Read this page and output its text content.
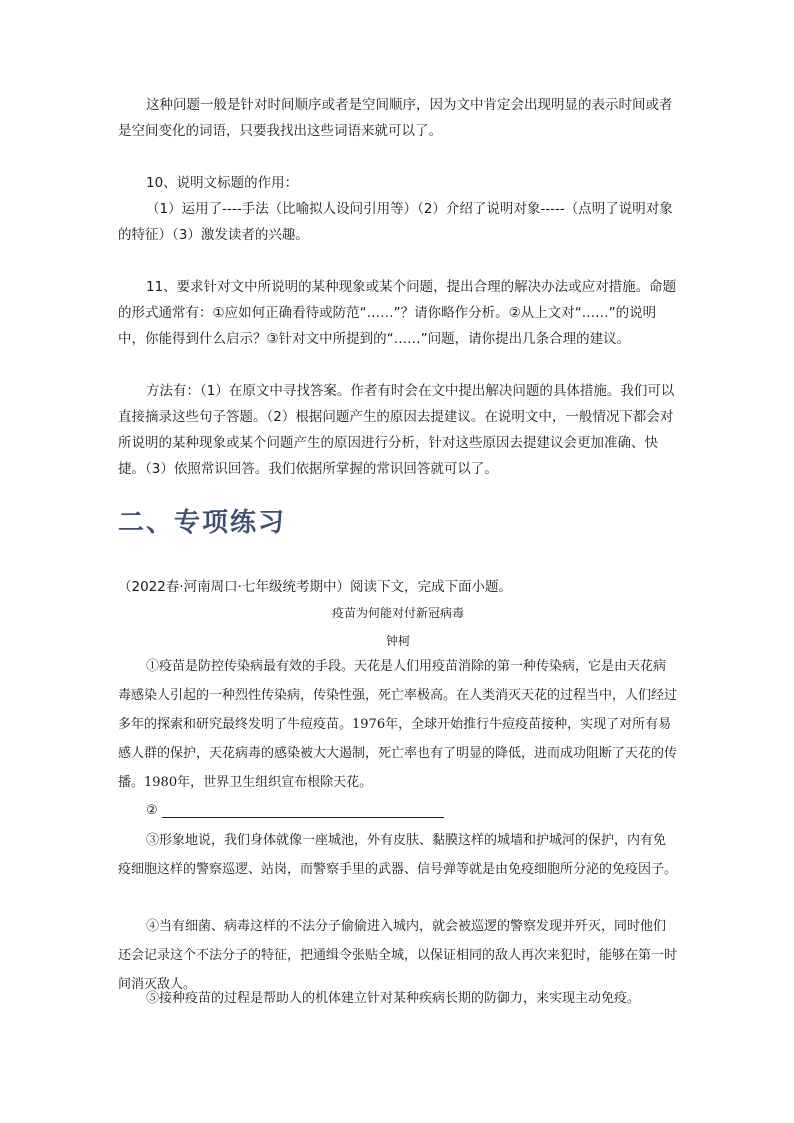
这种问题一般是针对时间顺序或者是空间顺序，因为文中肯定会出现明显的表示时间或者是空间变化的词语，只要我找出这些词语来就可以了。

10、说明文标题的作用：

（1）运用了----手法（比喻拟人设问引用等）（2）介绍了说明对象-----（点明了说明对象的特征）（3）激发读者的兴趣。

11、要求针对文中所说明的某种现象或某个问题，提出合理的解决办法或应对措施。命题的形式通常有：①应如何正确看待或防范“……”？请你略作分析。②从上文对“……”的说明中，你能得到什么启示？③针对文中所提到的“……”问题，请你提出几条合理的建议。

方法有：（1）在原文中寻找答案。作者有时会在文中提出解决问题的具体措施。我们可以直接摘录这些句子答题。（2）根据问题产生的原因去提建议。在说明文中，一般情况下都会对所说明的某种现象或某个问题产生的原因进行分析，针对这些原因去提建议会更加准确、快捷。（3）依照常识回答。我们依据所掌握的常识回答就可以了。

二、专项练习

（2022春·河南周口·七年级统考期中）阅读下文，完成下面小题。

疫苗为何能对付新冠病毒

钟柯

①疫苗是防控传染病最有效的手段。天花是人们用疫苗消除的第一种传染病，它是由天花病毒感染人引起的一种烈性传染病，传染性强，死亡率极高。在人类消灭天花的过程当中，人们经过多年的探索和研究最终发明了牛痘疫苗。1976年，全球开始推行牛痘疫苗接种，实现了对所有易感人群的保护，天花病毒的感染被大大遏制，死亡率也有了明显的降低，进而成功阻断了天花的传播。1980年，世界卫生组织宣布根除天花。

②

③形象地说，我们身体就像一座城池，外有皮肤、黏膜这样的城墙和护城河的保护，内有免疫细胞这样的警察巡逻、站岗，而警察手里的武器、信号弹等就是由免疫细胞所分泌的免疫因子。

④当有细菌、病毒这样的不法分子偷偷进入城内，就会被巡逻的警察发现并歼灭，同时他们还会记录这个不法分子的特征，把通缉令张贴全城，以保证相同的敌人再次来犯时，能够在第一时间消灭敌人。

⑤接种疫苗的过程是帮助人的机体建立针对某种疾病长期的防御力，来实现主动免疫。
